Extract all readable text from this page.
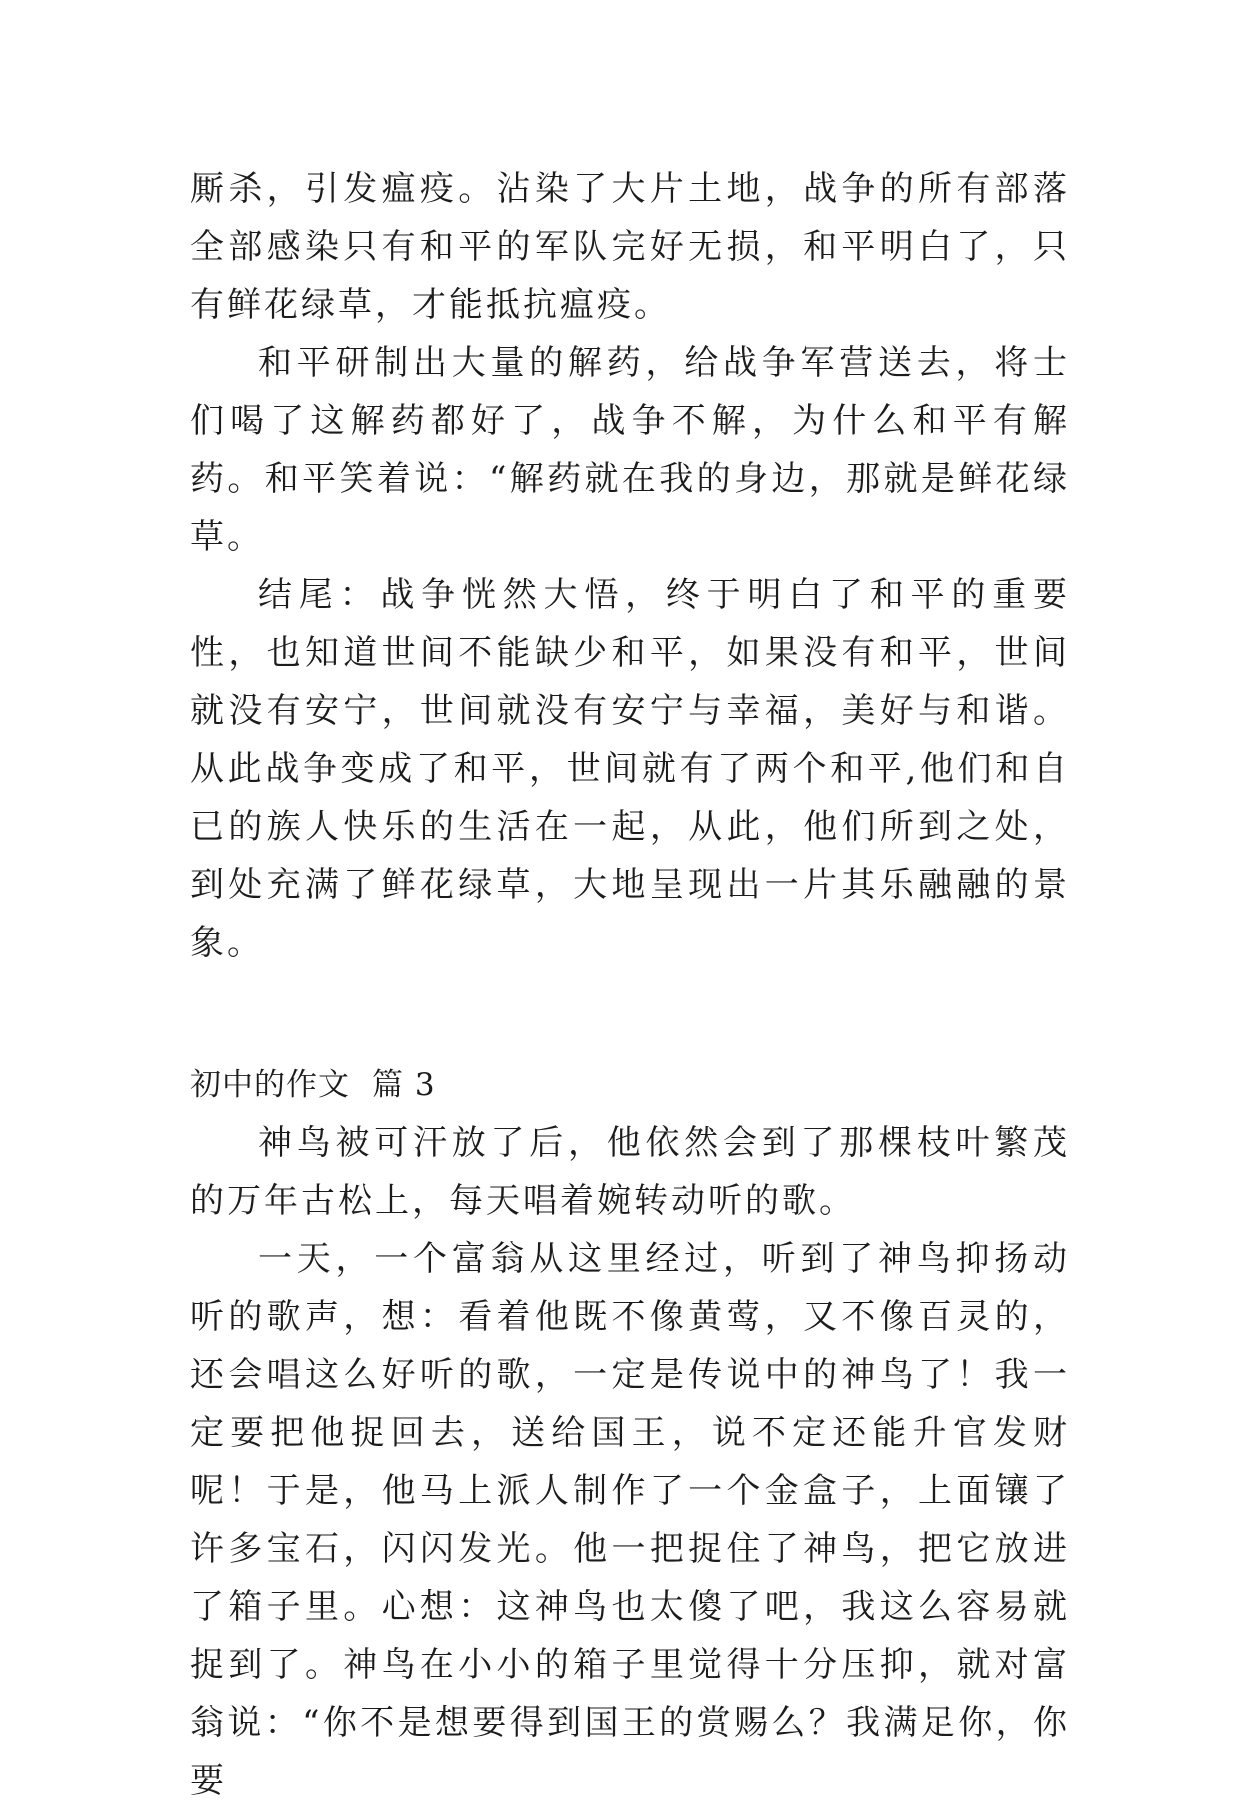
厮杀，引发瘟疫。沾染了大片土地，战争的所有部落全部感染只有和平的军队完好无损，和平明白了，只有鲜花绿草，才能抵抗瘟疫。

和平研制出大量的解药，给战争军营送去，将士们喝了这解药都好了，战争不解，为什么和平有解药。和平笑着说：“解药就在我的身边，那就是鲜花绿草。

结尾：战争恍然大悟，终于明白了和平的重要性，也知道世间不能缺少和平，如果没有和平，世间就没有安宁，世间就没有安宁与幸福，美好与和谐。从此战争变成了和平，世间就有了两个和平,他们和自已的族人快乐的生活在一起，从此，他们所到之处，到处充满了鲜花绿草，大地呈现出一片其乐融融的景象。

初中的作文 篇 3

神鸟被可汗放了后，他依然会到了那棵枝叶繁茂的万年古松上，每天唱着婉转动听的歌。

一天，一个富翁从这里经过，听到了神鸟抑扬动听的歌声，想：看着他既不像黄莺，又不像百灵的，还会唱这么好听的歌，一定是传说中的神鸟了！我一定要把他捉回去，送给国王，说不定还能升官发财呢！于是，他马上派人制作了一个金盒子，上面镶了许多宝石，闪闪发光。他一把捉住了神鸟，把它放进了箱子里。心想：这神鸟也太傻了吧，我这么容易就捉到了。神鸟在小小的箱子里觉得十分压抑，就对富翁说：“你不是想要得到国王的赏赐么？我满足你，你要
